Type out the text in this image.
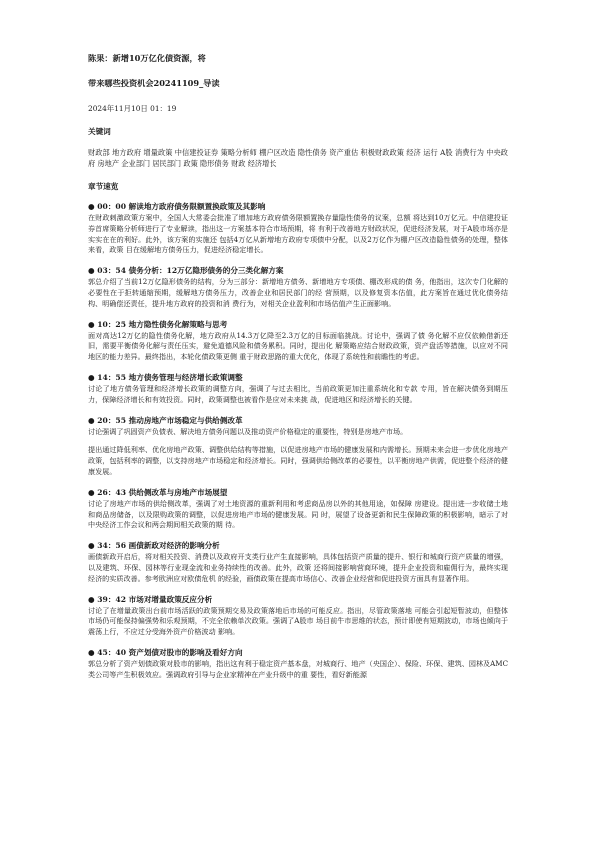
陈果：新增10万亿化债资源，将

带来哪些投资机会20241109_导读

2024年11月10日 01：19
关键词
财政部 地方政府 增量政策 中信建投证券 策略分析师 棚户区改造 隐性债务 资产重估 积极财政政策 经济 运行 A股 消费行为 中央政府 房地产 企业部门 居民部门 政策 隐形债务 财政 经济增长
章节速览
● 00：00 解读地方政府债务限额置换政策及其影响
在财政刺激政策方案中，全国人大常委会批准了增加地方政府债务限额置换存量隐性债务的议案，总额 将达到10万亿元。中信建投证券首席策略分析师进行了专业解读，指出这一方案基本符合市场预期，将 有利于改善地方财政状况，促进经济发展，对于A股市场亦是实实在在的利好。此外，该方案的实施还 包括4万亿从新增地方政府专项债中分配，以及2万亿作为棚户区改造隐性债务的处理，整体来看，政策 目在缓解地方债务压力，促进经济稳定增长。
● 03：54 债务分析：12万亿隐形债务的分三类化解方案
郭总介绍了当前12万亿隐形债务的结构，分为三部分：新增地方债务、新增地方专项债、棚改形成的债 务，他指出，这次专门化解的必要性在于拒转通缩预期，缓解地方债务压力，改善企业和居民部门的经 营预期，以及修复资本估值，此方案旨在通过优化债务结构、明确偿还责任，提升地方政府的投资和消 费行为，对相关企业盈利和市场估值产生正面影响。
● 10：25 地方隐性债务化解策略与思考
面对高达12万亿的隐性债务化解，地方政府从14.3万亿降至2.3万亿的目标面临挑战。讨论中，强调了债 务化解不应仅依赖借新还旧，需要平衡债务化解与责任压实，避免道德风险和债务累积。同时，提出化 解策略应结合财政政策，资产盘活等措施，以应对不同地区的能力差异。最终指出，本轮化债政策更侧 重于财政思路的重大优化，体现了系统性和前瞻性的考虑。
● 14：55 地方债务管理与经济增长政策调整
讨论了地方债务管理和经济增长政策的调整方向，强调了与过去相比，当前政策更加注重系统化和专款 专用，旨在解决债务到期压力，保障经济增长和有效投资。同时，政策调整也被看作是应对未来挑 战，促进地区和经济增长的关键。
● 20：55 推动房地产市场稳定与供给侧改革
讨论强调了巩固资产负债表、解决地方债务问题以及推动资产价格稳定的重要性，特别是房地产市场。
提出通过降低利率、优化房地产政策、调整供给结构等措施，以促进房地产市场的健康发展和内需增长。预期未来会进一步优化房地产政策，包括利率的调整，以支持房地产市场稳定和经济增长。同时，强调供给侧改革的必要性，以平衡房地产供需，促进整个经济的健康发展。
● 26：43 供给侧改革与房地产市场展望
讨论了房地产市场的供给侧改革，强调了对土地资源的重新利用和考虑商品房以外的其他用途，如保障 房建设。提出进一步收储土地和商品房储备，以及限购政策的调整，以促进房地产市场的健康发展。同 时，展望了设备更新和民生保障政策的积极影响，暗示了对中央经济工作会议和两会期间相关政策的期 待。
● 34：56 画债新政对经济的影响分析
画债新政开启后，将对相关投资、消费以及政府开支类行业产生直接影响，具体包括资产质量的提升、银行和城商行资产质量的增强，以及建筑、环保、园林等行业现金流和业务持续性的改善。此外，政策 还将间接影响营商环境，提升企业投资和雇佣行为，最终实现经济的实质改善。参考欧洲应对欧债危机 的经验，画债政策在提高市场信心、改善企业经营和促进投资方面具有显著作用。
● 39：42 市场对增量政策反应分析
讨论了在增量政策出台前市场活跃的政策预期交易及政策落地后市场的可能反应。指出，尽管政策落地 可能会引起短暂波动，但整体市场仍可能保持偏强势和乐观预期，不完全依赖单次政策。强调了A股市 场目前牛市思维的状态，预计即使有短期波动，市场也倾向于震荡上行，不应过分受海外资产价格波动 影响。
● 45：40 资产划债对股市的影响及看好方向
郭总分析了资产划债政策对股市的影响，指出这有利于稳定资产基本盘，对城商行、地产（央国企）、保险、环保、建筑、园林及AMC类公司等产生积极效应。强调政府引导与企业家精神在产业升级中的重 要性，看好新能源
